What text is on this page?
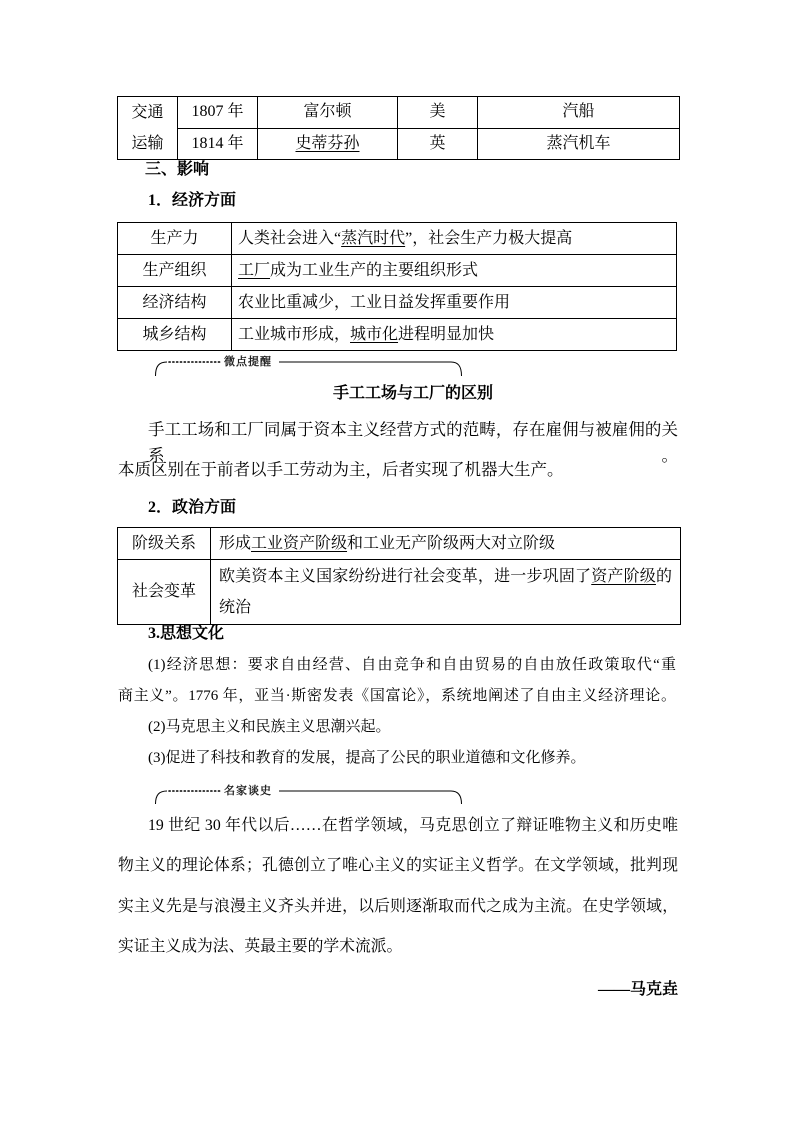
交通
运输	1807 年	富尔顿	美	汽船
	1814 年	史蒂芬孙	英	蒸汽机车
三、影响
1．经济方面
生产力	人类社会进入“蒸汽时代”，社会生产力极大提高
生产组织	工厂成为工业生产的主要组织形式
经济结构	农业比重减少，工业日益发挥重要作用
城乡结构	工业城市形成，城市化进程明显加快
微点提醒
手工工场与工厂的区别
手工工场和工厂同属于资本主义经营方式的范畴，存在雇佣与被雇佣的关系。
本质区别在于前者以手工劳动为主，后者实现了机器大生产。
2．政治方面
阶级关系	形成工业资产阶级和工业无产阶级两大对立阶级
社会变革	欧美资本主义国家纷纷进行社会变革，进一步巩固了资产阶级的统治
3.思想文化
(1)经济思想：要求自由经营、自由竞争和自由贸易的自由放任政策取代“重
商主义”。1776 年，亚当·斯密发表《国富论》，系统地阐述了自由主义经济理论。
(2)马克思主义和民族主义思潮兴起。
(3)促进了科技和教育的发展，提高了公民的职业道德和文化修养。
名家谈史
19 世纪 30 年代以后……在哲学领域，马克思创立了辩证唯物主义和历史唯
物主义的理论体系；孔德创立了唯心主义的实证主义哲学。在文学领域，批判现
实主义先是与浪漫主义齐头并进，以后则逐渐取而代之成为主流。在史学领域，
实证主义成为法、英最主要的学术流派。
——马克垚
